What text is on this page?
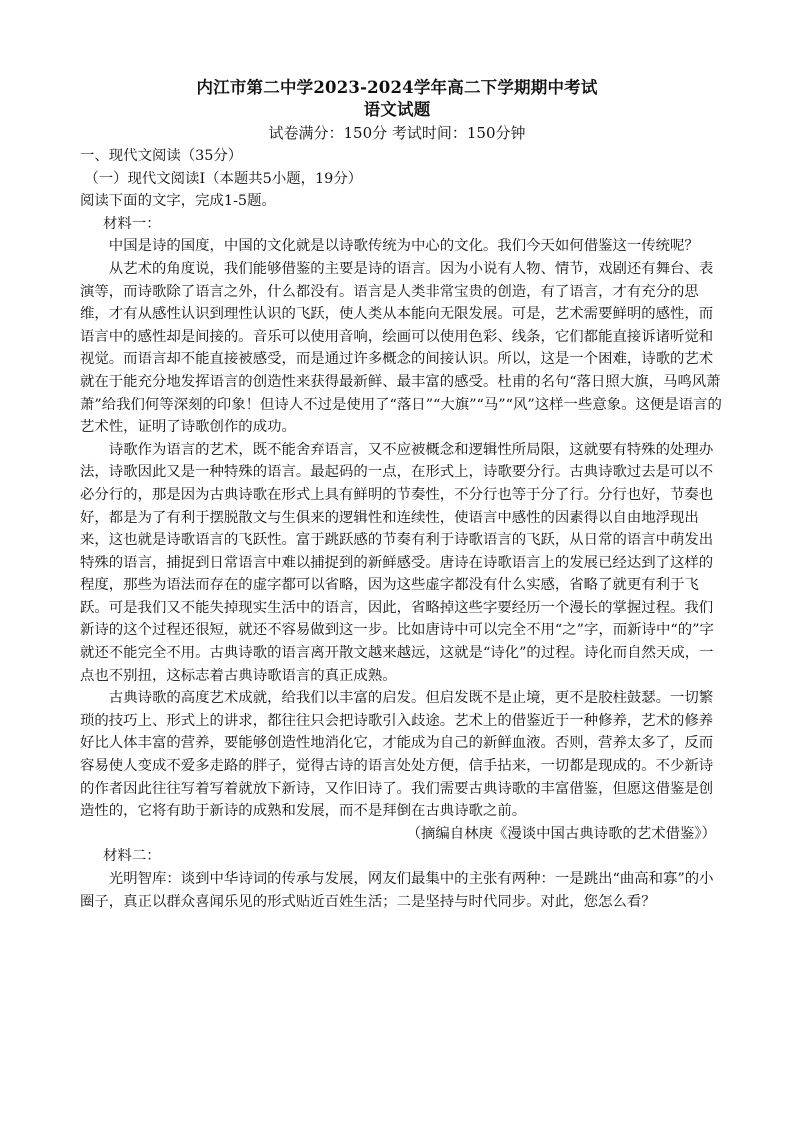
内江市第二中学2023-2024学年高二下学期期中考试
语文试题
试卷满分：150分 考试时间：150分钟

一、现代文阅读（35分）

（一）现代文阅读Ⅰ（本题共5小题，19分）

阅读下面的文字，完成1-5题。

材料一：

中国是诗的国度，中国的文化就是以诗歌传统为中心的文化。我们今天如何借鉴这一传统呢？

从艺术的角度说，我们能够借鉴的主要是诗的语言。因为小说有人物、情节，戏剧还有舞台、表演等，而诗歌除了语言之外，什么都没有。语言是人类非常宝贵的创造，有了语言，才有充分的思维，才有从感性认识到理性认识的飞跃，使人类从本能向无限发展。可是，艺术需要鲜明的感性，而语言中的感性却是间接的。音乐可以使用音响，绘画可以使用色彩、线条，它们都能直接诉诸听觉和视觉。而语言却不能直接被感受，而是通过许多概念的间接认识。所以，这是一个困难，诗歌的艺术就在于能充分地发挥语言的创造性来获得最新鲜、最丰富的感受。杜甫的名句“落日照大旗，马鸣风萧萧”给我们何等深刻的印象！但诗人不过是使用了“落日”“大旗”“马”“风”这样一些意象。这便是语言的艺术性，证明了诗歌创作的成功。

诗歌作为语言的艺术，既不能舍弃语言，又不应被概念和逻辑性所局限，这就要有特殊的处理办法，诗歌因此又是一种特殊的语言。最起码的一点，在形式上，诗歌要分行。古典诗歌过去是可以不必分行的，那是因为古典诗歌在形式上具有鲜明的节奏性，不分行也等于分了行。分行也好，节奏也好，都是为了有利于摆脱散文与生俱来的逻辑性和连续性，使语言中感性的因素得以自由地浮现出来，这也就是诗歌语言的飞跃性。富于跳跃感的节奏有利于诗歌语言的飞跃，从日常的语言中萌发出特殊的语言，捕捉到日常语言中难以捕捉到的新鲜感受。唐诗在诗歌语言上的发展已经达到了这样的程度，那些为语法而存在的虚字都可以省略，因为这些虚字都没有什么实感，省略了就更有利于飞跃。可是我们又不能失掉现实生活中的语言，因此，省略掉这些字要经历一个漫长的掌握过程。我们新诗的这个过程还很短，就还不容易做到这一步。比如唐诗中可以完全不用“之”字，而新诗中“的”字就还不能完全不用。古典诗歌的语言离开散文越来越远，这就是“诗化”的过程。诗化而自然天成，一点也不别扭，这标志着古典诗歌语言的真正成熟。

古典诗歌的高度艺术成就，给我们以丰富的启发。但启发既不是止境，更不是胶柱鼓瑟。一切繁琐的技巧上、形式上的讲求，都往往只会把诗歌引入歧途。艺术上的借鉴近于一种修养，艺术的修养好比人体丰富的营养，要能够创造性地消化它，才能成为自己的新鲜血液。否则，营养太多了，反而容易使人变成不爱多走路的胖子，觉得古诗的语言处处方便，信手拈来，一切都是现成的。不少新诗的作者因此往往写着写着就放下新诗，又作旧诗了。我们需要古典诗歌的丰富借鉴，但愿这借鉴是创造性的，它将有助于新诗的成熟和发展，而不是拜倒在古典诗歌之前。

（摘编自林庚《漫谈中国古典诗歌的艺术借鉴》）

材料二：

光明智库：谈到中华诗词的传承与发展，网友们最集中的主张有两种：一是跳出“曲高和寡”的小圈子，真正以群众喜闻乐见的形式贴近百姓生活；二是坚持与时代同步。对此，您怎么看？
